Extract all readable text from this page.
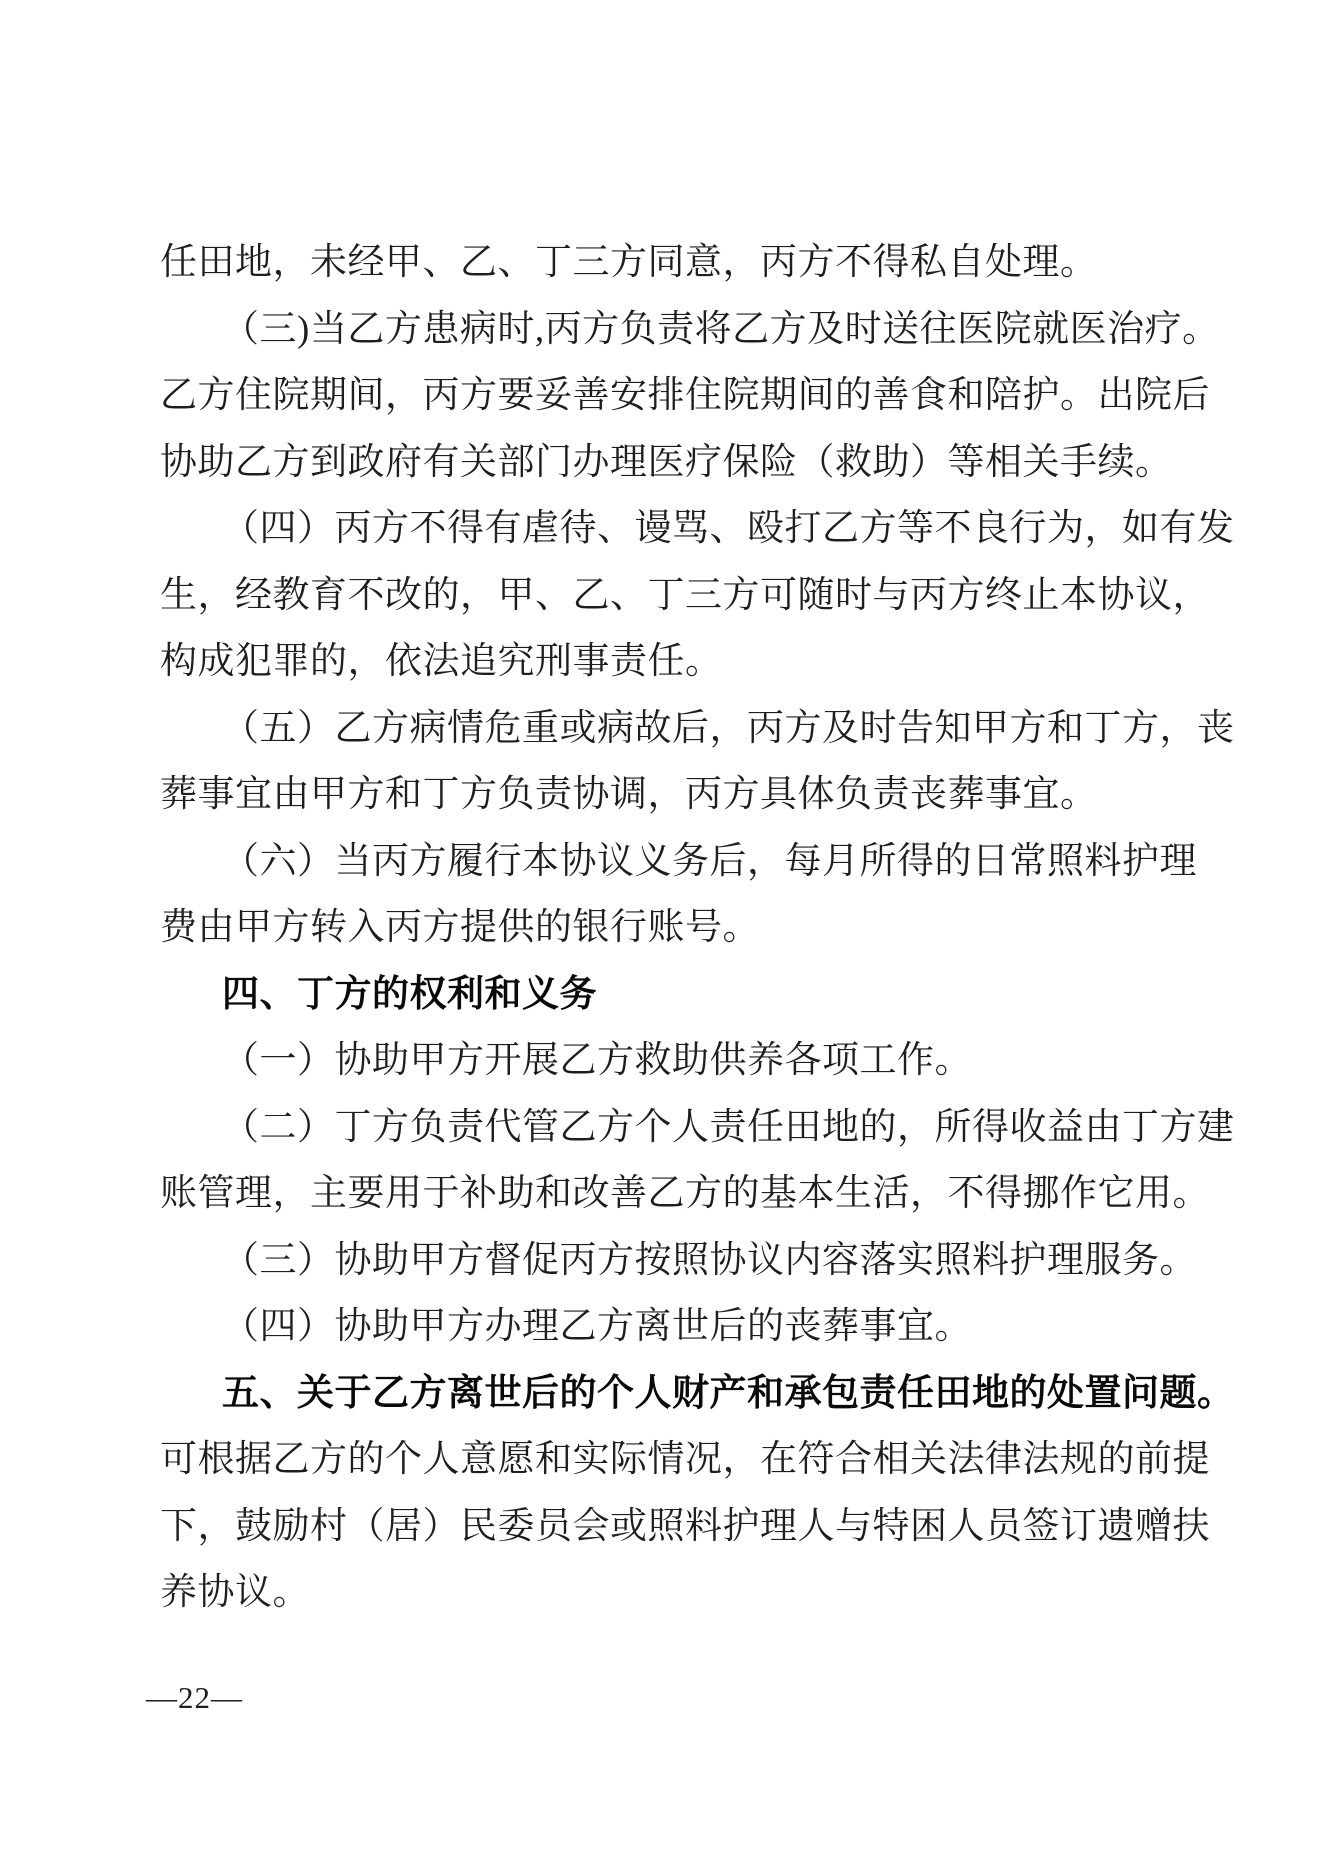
任田地，未经甲、乙、丁三方同意，丙方不得私自处理。
（三)当乙方患病时,丙方负责将乙方及时送往医院就医治疗。
乙方住院期间，丙方要妥善安排住院期间的善食和陪护。出院后
协助乙方到政府有关部门办理医疗保险（救助）等相关手续。
（四）丙方不得有虐待、谩骂、殴打乙方等不良行为，如有发
生，经教育不改的，甲、乙、丁三方可随时与丙方终止本协议，
构成犯罪的，依法追究刑事责任。
（五）乙方病情危重或病故后，丙方及时告知甲方和丁方，丧
葬事宜由甲方和丁方负责协调，丙方具体负责丧葬事宜。
（六）当丙方履行本协议义务后，每月所得的日常照料护理
费由甲方转入丙方提供的银行账号。
四、丁方的权利和义务
（一）协助甲方开展乙方救助供养各项工作。
（二）丁方负责代管乙方个人责任田地的，所得收益由丁方建
账管理，主要用于补助和改善乙方的基本生活，不得挪作它用。
（三）协助甲方督促丙方按照协议内容落实照料护理服务。
（四）协助甲方办理乙方离世后的丧葬事宜。
五、关于乙方离世后的个人财产和承包责任田地的处置问题。
可根据乙方的个人意愿和实际情况，在符合相关法律法规的前提
下，鼓励村（居）民委员会或照料护理人与特困人员签订遗赠扶
养协议。
—22—
